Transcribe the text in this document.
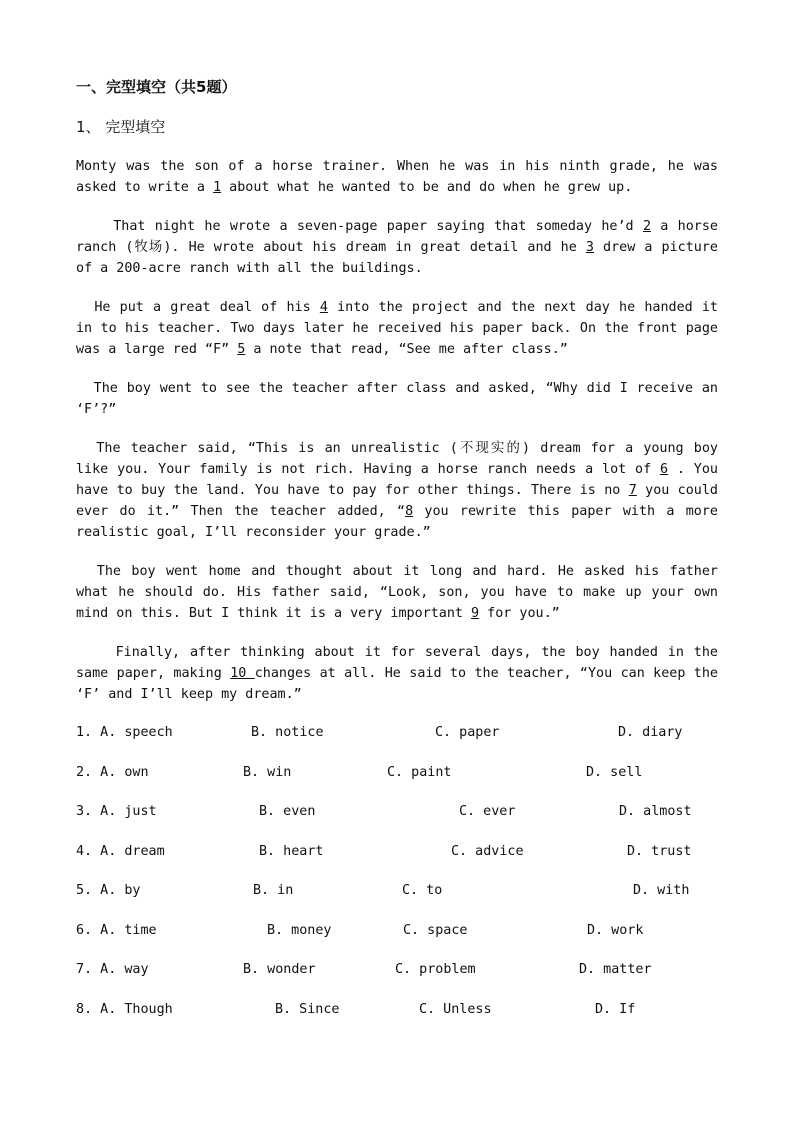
一、完型填空（共5题）
1、 完型填空
Monty was the son of a horse trainer. When he was in his ninth grade, he was asked to write a 1 about what he wanted to be and do when he grew up.
That night he wrote a seven-page paper saying that someday he’d 2 a horse ranch (牧场). He wrote about his dream in great detail and he 3 drew a picture of a 200-acre ranch with all the buildings.
He put a great deal of his 4 into the project and the next day he handed it in to his teacher. Two days later he received his paper back. On the front page was a large red “F” 5 a note that read, “See me after class.”
The boy went to see the teacher after class and asked, “Why did I receive an ‘F’?”
The teacher said, “This is an unrealistic (不现实的) dream for a young boy like you. Your family is not rich. Having a horse ranch needs a lot of 6 . You have to buy the land. You have to pay for other things. There is no 7 you could ever do it.” Then the teacher added, “8 you rewrite this paper with a more realistic goal, I’ll reconsider your grade.”
The boy went home and thought about it long and hard. He asked his father what he should do. His father said, “Look, son, you have to make up your own mind on this. But I think it is a very important 9 for you.”
Finally, after thinking about it for several days, the boy handed in the same paper, making 10 changes at all. He said to the teacher, “You can keep the ‘F’ and I’ll keep my dream.”
1. A. speech	B. notice	C. paper	D. diary
2. A. own	B. win	C. paint	D. sell
3. A. just	B. even	C. ever	D. almost
4. A. dream	B. heart	C. advice	D. trust
5. A. by	B. in	C. to	D. with
6. A. time	B. money	C. space	D. work
7. A. way	B. wonder	C. problem	D. matter
8. A. Though	B. Since	C. Unless	D. If
